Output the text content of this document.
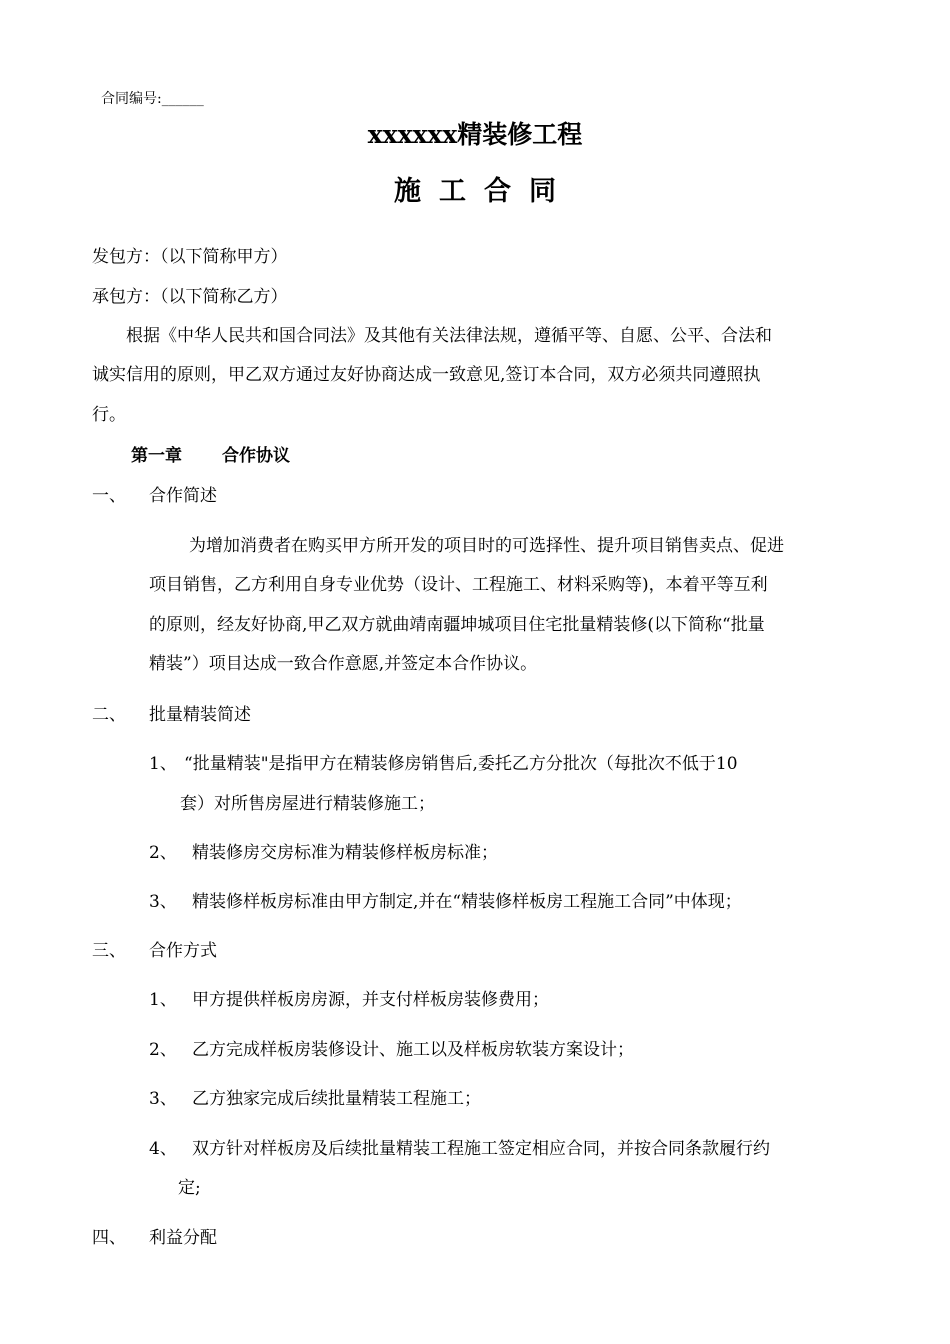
合同编号:______
xxxxxx精装修工程
施工合同
发包方：（以下简称甲方）
承包方：（以下简称乙方）
根据《中华人民共和国合同法》及其他有关法律法规，遵循平等、自愿、公平、合法和
诚实信用的原则，甲乙双方通过友好协商达成一致意见,签订本合同，双方必须共同遵照执
行。
第一章 合作协议
一、 合作简述
为增加消费者在购买甲方所开发的项目时的可选择性、提升项目销售卖点、促进
项目销售，乙方利用自身专业优势（设计、工程施工、材料采购等)，本着平等互利
的原则，经友好协商,甲乙双方就曲靖南疆坤城项目住宅批量精装修(以下简称“批量
精装”）项目达成一致合作意愿,并签定本合作协议。
二、 批量精装简述
1、 “批量精装"是指甲方在精装修房销售后,委托乙方分批次（每批次不低于10
套）对所售房屋进行精装修施工；
2、 精装修房交房标准为精装修样板房标准；
3、 精装修样板房标准由甲方制定,并在“精装修样板房工程施工合同”中体现；
三、 合作方式
1、 甲方提供样板房房源，并支付样板房装修费用；
2、 乙方完成样板房装修设计、施工以及样板房软装方案设计；
3、 乙方独家完成后续批量精装工程施工；
4、 双方针对样板房及后续批量精装工程施工签定相应合同，并按合同条款履行约
定;
四、 利益分配
